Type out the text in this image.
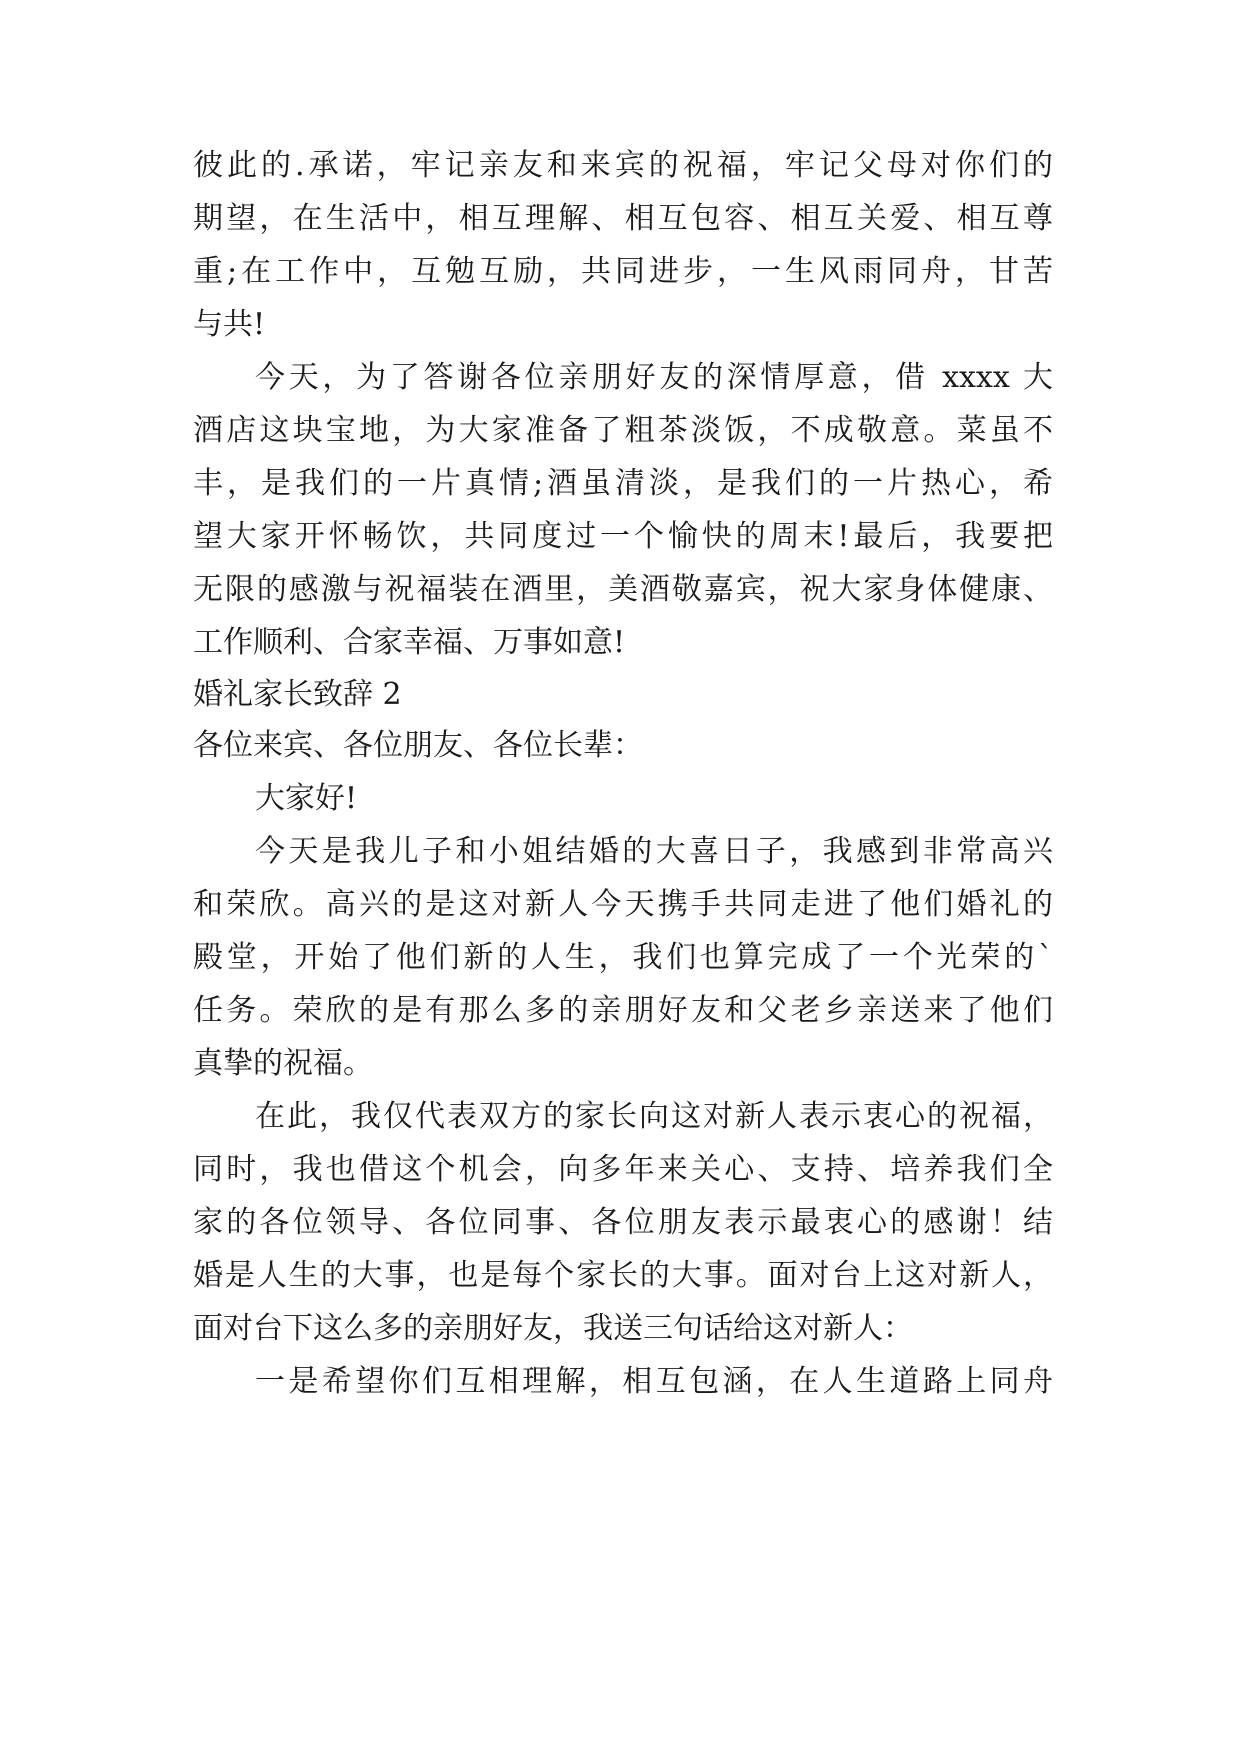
彼此的.承诺，牢记亲友和来宾的祝福，牢记父母对你们的
期望，在生活中，相互理解、相互包容、相互关爱、相互尊
重;在工作中，互勉互励，共同进步，一生风雨同舟，甘苦
与共!
今天，为了答谢各位亲朋好友的深情厚意，借 xxxx 大
酒店这块宝地，为大家准备了粗茶淡饭，不成敬意。菜虽不
丰，是我们的一片真情;酒虽清淡，是我们的一片热心，希
望大家开怀畅饮，共同度过一个愉快的周末!最后，我要把
无限的感激与祝福装在酒里，美酒敬嘉宾，祝大家身体健康、
工作顺利、合家幸福、万事如意!
婚礼家长致辞 2
各位来宾、各位朋友、各位长辈：
大家好!
今天是我儿子和小姐结婚的大喜日子，我感到非常高兴
和荣欣。高兴的是这对新人今天携手共同走进了他们婚礼的
殿堂，开始了他们新的人生，我们也算完成了一个光荣的`
任务。荣欣的是有那么多的亲朋好友和父老乡亲送来了他们
真挚的祝福。
在此，我仅代表双方的家长向这对新人表示衷心的祝福，
同时，我也借这个机会，向多年来关心、支持、培养我们全
家的各位领导、各位同事、各位朋友表示最衷心的感谢！结
婚是人生的大事，也是每个家长的大事。面对台上这对新人，
面对台下这么多的亲朋好友，我送三句话给这对新人：
一是希望你们互相理解，相互包涵，在人生道路上同舟
